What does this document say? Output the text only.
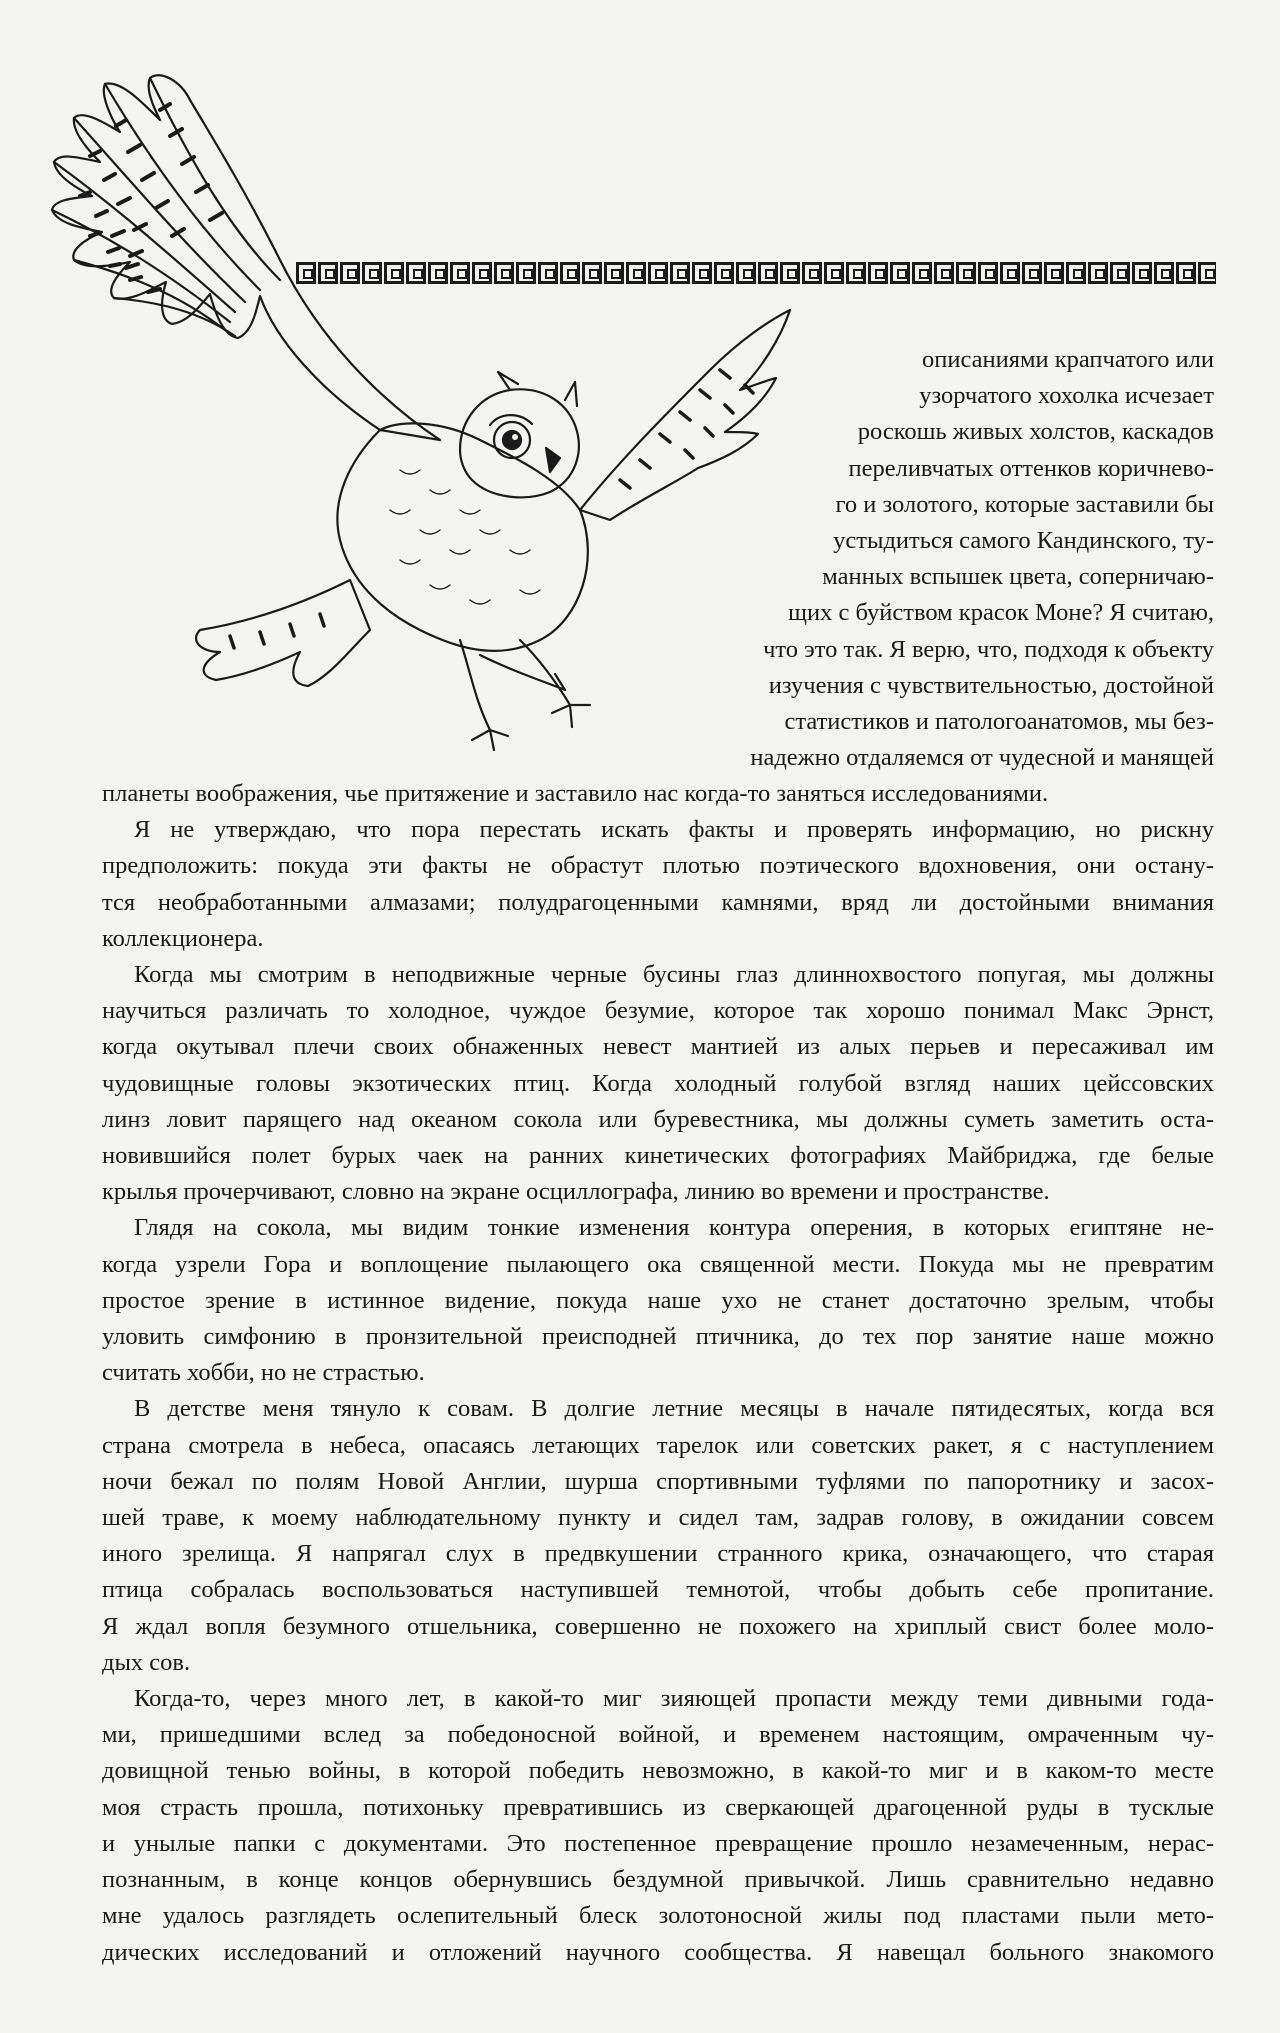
описаниями крапчатого или
узорчатого хохолка исчезает
роскошь живых холстов, каскадов
переливчатых оттенков коричнево-
го и золотого, которые заставили бы
устыдиться самого Кандинского, ту-
манных вспышек цвета, соперничаю-
щих с буйством красок Моне? Я считаю,
что это так. Я верю, что, подходя к объекту
изучения с чувствительностью, достойной
статистиков и патологоанатомов, мы без-
надежно отдаляемся от чудесной и манящей
планеты воображения, чье притяжение и заставило нас когда-то заняться исследованиями.
Я не утверждаю, что пора перестать искать факты и проверять информацию, но рискну
предположить: покуда эти факты не обрастут плотью поэтического вдохновения, они остану-
тся необработанными алмазами; полудрагоценными камнями, вряд ли достойными внимания
коллекционера.
Когда мы смотрим в неподвижные черные бусины глаз длиннохвостого попугая, мы должны
научиться различать то холодное, чуждое безумие, которое так хорошо понимал Макс Эрнст,
когда окутывал плечи своих обнаженных невест мантией из алых перьев и пересаживал им
чудовищные головы экзотических птиц. Когда холодный голубой взгляд наших цейссовских
линз ловит парящего над океаном сокола или буревестника, мы должны суметь заметить оста-
новившийся полет бурых чаек на ранних кинетических фотографиях Майбриджа, где белые
крылья прочерчивают, словно на экране осциллографа, линию во времени и пространстве.
Глядя на сокола, мы видим тонкие изменения контура оперения, в которых египтяне не-
когда узрели Гора и воплощение пылающего ока священной мести. Покуда мы не превратим
простое зрение в истинное видение, покуда наше ухо не станет достаточно зрелым, чтобы
уловить симфонию в пронзительной преисподней птичника, до тех пор занятие наше можно
считать хобби, но не страстью.
В детстве меня тянуло к совам. В долгие летние месяцы в начале пятидесятых, когда вся
страна смотрела в небеса, опасаясь летающих тарелок или советских ракет, я с наступлением
ночи бежал по полям Новой Англии, шурша спортивными туфлями по папоротнику и засох-
шей траве, к моему наблюдательному пункту и сидел там, задрав голову, в ожидании совсем
иного зрелища. Я напрягал слух в предвкушении странного крика, означающего, что старая
птица собралась воспользоваться наступившей темнотой, чтобы добыть себе пропитание.
Я ждал вопля безумного отшельника, совершенно не похожего на хриплый свист более моло-
дых сов.
Когда-то, через много лет, в какой-то миг зияющей пропасти между теми дивными года-
ми, пришедшими вслед за победоносной войной, и временем настоящим, омраченным чу-
довищной тенью войны, в которой победить невозможно, в какой-то миг и в каком-то месте
моя страсть прошла, потихоньку превратившись из сверкающей драгоценной руды в тусклые
и унылые папки с документами. Это постепенное превращение прошло незамеченным, нерас-
познанным, в конце концов обернувшись бездумной привычкой. Лишь сравнительно недавно
мне удалось разглядеть ослепительный блеск золотоносной жилы под пластами пыли мето-
дических исследований и отложений научного сообщества. Я навещал больного знакомого
